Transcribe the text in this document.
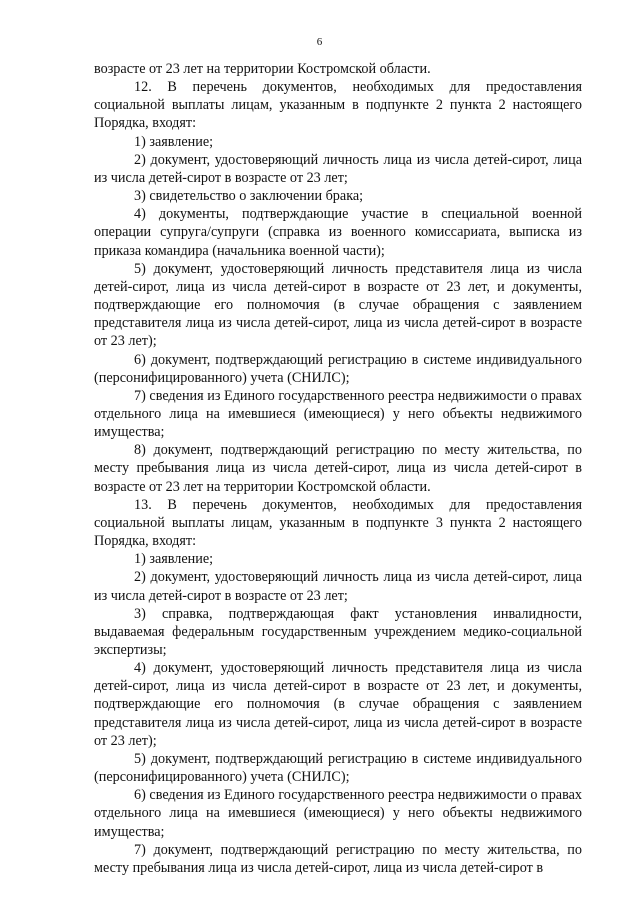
6

возрасте от 23 лет на территории Костромской области.

12. В перечень документов, необходимых для предоставления социальной выплаты лицам, указанным в подпункте 2 пункта 2 настоящего Порядка, входят:

1) заявление;

2) документ, удостоверяющий личность лица из числа детей-сирот, лица из числа детей-сирот в возрасте от 23 лет;

3) свидетельство о заключении брака;

4) документы, подтверждающие участие в специальной военной операции супруга/супруги (справка из военного комиссариата, выписка из приказа командира (начальника военной части);

5) документ, удостоверяющий личность представителя лица из числа детей-сирот, лица из числа детей-сирот в возрасте от 23 лет, и документы, подтверждающие его полномочия (в случае обращения с заявлением представителя лица из числа детей-сирот, лица из числа детей-сирот в возрасте от 23 лет);

6) документ, подтверждающий регистрацию в системе индивидуального (персонифицированного) учета (СНИЛС);

7) сведения из Единого государственного реестра недвижимости о правах отдельного лица на имевшиеся (имеющиеся) у него объекты недвижимого имущества;

8) документ, подтверждающий регистрацию по месту жительства, по месту пребывания лица из числа детей-сирот, лица из числа детей-сирот в возрасте от 23 лет на территории Костромской области.

13. В перечень документов, необходимых для предоставления социальной выплаты лицам, указанным в подпункте 3 пункта 2 настоящего Порядка, входят:

1) заявление;

2) документ, удостоверяющий личность лица из числа детей-сирот, лица из числа детей-сирот в возрасте от 23 лет;

3) справка, подтверждающая факт установления инвалидности, выдаваемая федеральным государственным учреждением медико-социальной экспертизы;

4) документ, удостоверяющий личность представителя лица из числа детей-сирот, лица из числа детей-сирот в возрасте от 23 лет, и документы, подтверждающие его полномочия (в случае обращения с заявлением представителя лица из числа детей-сирот, лица из числа детей-сирот в возрасте от 23 лет);

5) документ, подтверждающий регистрацию в системе индивидуального (персонифицированного) учета (СНИЛС);

6) сведения из Единого государственного реестра недвижимости о правах отдельного лица на имевшиеся (имеющиеся) у него объекты недвижимого имущества;

7) документ, подтверждающий регистрацию по месту жительства, по месту пребывания лица из числа детей-сирот, лица из числа детей-сирот в
